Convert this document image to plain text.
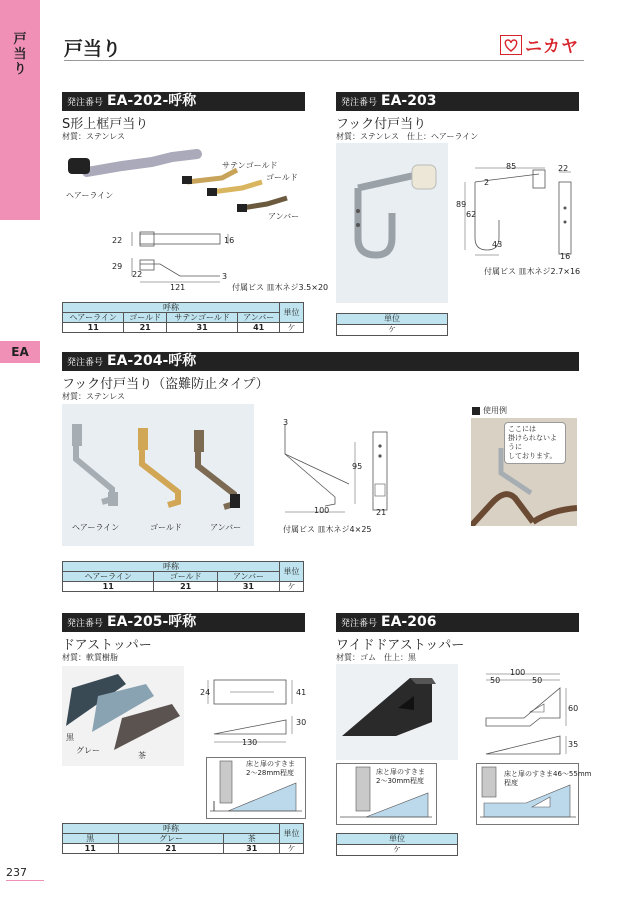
戸当り
EA
237
戸当り	ニカヤ
発注番号 EA-202-呼称
S形上框戸当り
材質：ステンレス
ヘアーライン
サテンゴールド
ゴールド
アンバー
22	16
29
22
121
3
付属ビス 皿木ネジ3.5×20
呼称				単位
ヘアーライン	ゴールド	サテンゴールド	アンバー	
11	21	31	41	ケ
発注番号 EA-203
フック付戸当り
材質：ステンレス　仕上：ヘアーライン
85
2
89
62
43
22
16
付属ビス 皿木ネジ2.7×16
単位
ケ
発注番号 EA-204-呼称
フック付戸当り（盗難防止タイプ）
材質：ステンレス
ヘアーライン	ゴールド	アンバー
3
95
100	21
付属ビス 皿木ネジ4×25
使用例
ここには
掛けられないように
しております。
呼称			単位
ヘアーライン	ゴールド	アンバー	
11	21	31	ケ
発注番号 EA-205-呼称
ドアストッパー
材質：軟質樹脂
黒
グレー
茶
24	41
30
130
床と扉のすきま
2〜28mm程度
呼称			単位
黒	グレー	茶	
11	21	31	ケ
発注番号 EA-206
ワイドドアストッパー
材質：ゴム　仕上：黒
100
50	50
60
35
床と扉のすきま
2〜30mm程度
床と扉のすきま46〜55mm
程度
単位
ケ
